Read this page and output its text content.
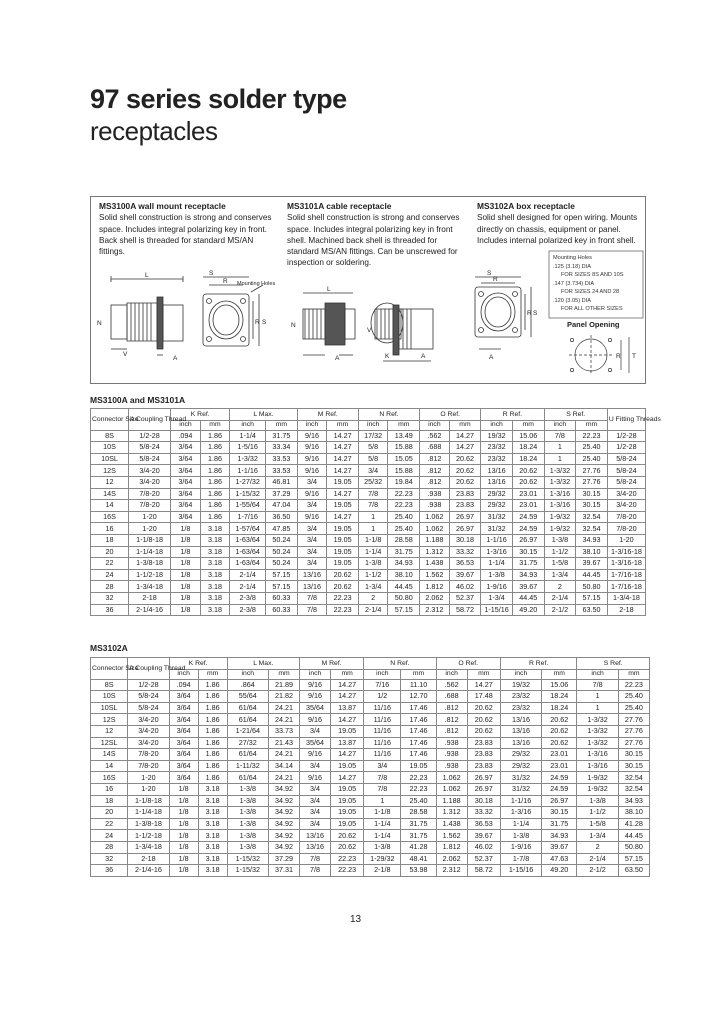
97 series solder type
receptacles
MS3100A wall mount receptacle
Solid shell construction is strong and conserves space. Includes integral polarizing key in front. Back shell is threaded for standard MS/AN fittings.
MS3101A cable receptacle
Solid shell construction is strong and conserves space. Includes integral polarizing key in front shell. Machined back shell is threaded for standard MS/AN fittings. Can be unscrewed for inspection or soldering.
MS3102A box receptacle
Solid shell designed for open wiring. Mounts directly on chassis, equipment or panel. Includes internal polarized key in front shell.
L	S
R
N
V
A
R S
Mounting Holes
L
N
A	K	A
V
S
R
S
R
A
Mounting Holes
.125 (3.18) DIA
FOR SIZES 8S AND 10S
.147 (3.734) DIA
FOR SIZES 24 AND 28
.120 (3.05) DIA
FOR ALL OTHER SIZES
Panel Opening
R T
MS3100A and MS3101A
Connector Size	A Coupling Thread	K Ref.		L Max.		M Ref.		N Ref.		O Ref.		R Ref.		S Ref.		U Fitting Threads
		inch	mm	inch	mm	inch	mm	inch	mm	inch	mm	inch	mm	inch	mm	
8S	1/2-28	.094	1.86	1-1/4	31.75	9/16	14.27	17/32	13.49	.562	14.27	19/32	15.06	7/8	22.23	1/2-28
10S	5/8-24	3/64	1.86	1-5/16	33.34	9/16	14.27	5/8	15.88	.688	14.27	23/32	18.24	1	25.40	1/2-28
10SL	5/8-24	3/64	1.86	1-3/32	33.53	9/16	14.27	5/8	15.05	.812	20.62	23/32	18.24	1	25.40	5/8-24
12S	3/4-20	3/64	1.86	1-1/16	33.53	9/16	14.27	3/4	15.88	.812	20.62	13/16	20.62	1-3/32	27.76	5/8-24
12	3/4-20	3/64	1.86	1-27/32	46.81	3/4	19.05	25/32	19.84	.812	20.62	13/16	20.62	1-3/32	27.76	5/8-24
14S	7/8-20	3/64	1.86	1-15/32	37.29	9/16	14.27	7/8	22.23	.938	23.83	29/32	23.01	1-3/16	30.15	3/4-20
14	7/8-20	3/64	1.86	1-55/64	47.04	3/4	19.05	7/8	22.23	.938	23.83	29/32	23.01	1-3/16	30.15	3/4-20
16S	1-20	3/64	1.86	1-7/16	36.50	9/16	14.27	1	25.40	1.062	26.97	31/32	24.59	1-9/32	32.54	7/8-20
16	1-20	1/8	3.18	1-57/64	47.85	3/4	19.05	1	25.40	1.062	26.97	31/32	24.59	1-9/32	32.54	7/8-20
18	1-1/8-18	1/8	3.18	1-63/64	50.24	3/4	19.05	1-1/8	28.58	1.188	30.18	1-1/16	26.97	1-3/8	34.93	1-20
20	1-1/4-18	1/8	3.18	1-63/64	50.24	3/4	19.05	1-1/4	31.75	1.312	33.32	1-3/16	30.15	1-1/2	38.10	1-3/16-18
22	1-3/8-18	1/8	3.18	1-63/64	50.24	3/4	19.05	1-3/8	34.93	1.438	36.53	1-1/4	31.75	1-5/8	39.67	1-3/16-18
24	1-1/2-18	1/8	3.18	2-1/4	57.15	13/16	20.62	1-1/2	38.10	1.562	39.67	1-3/8	34.93	1-3/4	44.45	1-7/16-18
28	1-3/4-18	1/8	3.18	2-1/4	57.15	13/16	20.62	1-3/4	44.45	1.812	46.02	1-9/16	39.67	2	50.80	1-7/16-18
32	2-18	1/8	3.18	2-3/8	60.33	7/8	22.23	2	50.80	2.062	52.37	1-3/4	44.45	2-1/4	57.15	1-3/4-18
36	2-1/4-16	1/8	3.18	2-3/8	60.33	7/8	22.23	2-1/4	57.15	2.312	58.72	1-15/16	49.20	2-1/2	63.50	2-18
MS3102A
Connector Size	A Coupling Thread	K Ref.		L Max.		M Ref.		N Ref.		O Ref.		R Ref.		S Ref.	
		inch	mm	inch	mm	inch	mm	inch	mm	inch	mm	inch	mm	inch	mm
8S	1/2-28	.094	1.86	.864	21.89	9/16	14.27	7/16	11.10	.562	14.27	19/32	15.06	7/8	22.23
10S	5/8-24	3/64	1.86	55/64	21.82	9/16	14.27	1/2	12.70	.688	17.48	23/32	18.24	1	25.40
10SL	5/8-24	3/64	1.86	61/64	24.21	35/64	13.87	11/16	17.46	.812	20.62	23/32	18.24	1	25.40
12S	3/4-20	3/64	1.86	61/64	24.21	9/16	14.27	11/16	17.46	.812	20.62	13/16	20.62	1-3/32	27.76
12	3/4-20	3/64	1.86	1-21/64	33.73	3/4	19.05	11/16	17.46	.812	20.62	13/16	20.62	1-3/32	27.76
12SL	3/4-20	3/64	1.86	27/32	21.43	35/64	13.87	11/16	17.46	.938	23.83	13/16	20.62	1-3/32	27.76
14S	7/8-20	3/64	1.86	61/64	24.21	9/16	14.27	11/16	17.46	.938	23.83	29/32	23.01	1-3/16	30.15
14	7/8-20	3/64	1.86	1-11/32	34.14	3/4	19.05	3/4	19.05	.938	23.83	29/32	23.01	1-3/16	30.15
16S	1-20	3/64	1.86	61/64	24.21	9/16	14.27	7/8	22.23	1.062	26.97	31/32	24.59	1-9/32	32.54
16	1-20	1/8	3.18	1-3/8	34.92	3/4	19.05	7/8	22.23	1.062	26.97	31/32	24.59	1-9/32	32.54
18	1-1/8-18	1/8	3.18	1-3/8	34.92	3/4	19.05	1	25.40	1.188	30.18	1-1/16	26.97	1-3/8	34.93
20	1-1/4-18	1/8	3.18	1-3/8	34.92	3/4	19.05	1-1/8	28.58	1.312	33.32	1-3/16	30.15	1-1/2	38.10
22	1-3/8-18	1/8	3.18	1-3/8	34.92	3/4	19.05	1-1/4	31.75	1.438	36.53	1-1/4	31.75	1-5/8	41.28
24	1-1/2-18	1/8	3.18	1-3/8	34.92	13/16	20.62	1-1/4	31.75	1.562	39.67	1-3/8	34.93	1-3/4	44.45
28	1-3/4-18	1/8	3.18	1-3/8	34.92	13/16	20.62	1-3/8	41.28	1.812	46.02	1-9/16	39.67	2	50.80
32	2-18	1/8	3.18	1-15/32	37.29	7/8	22.23	1-29/32	48.41	2.062	52.37	1-7/8	47.63	2-1/4	57.15
36	2-1/4-16	1/8	3.18	1-15/32	37.31	7/8	22.23	2-1/8	53.98	2.312	58.72	1-15/16	49.20	2-1/2	63.50
13
